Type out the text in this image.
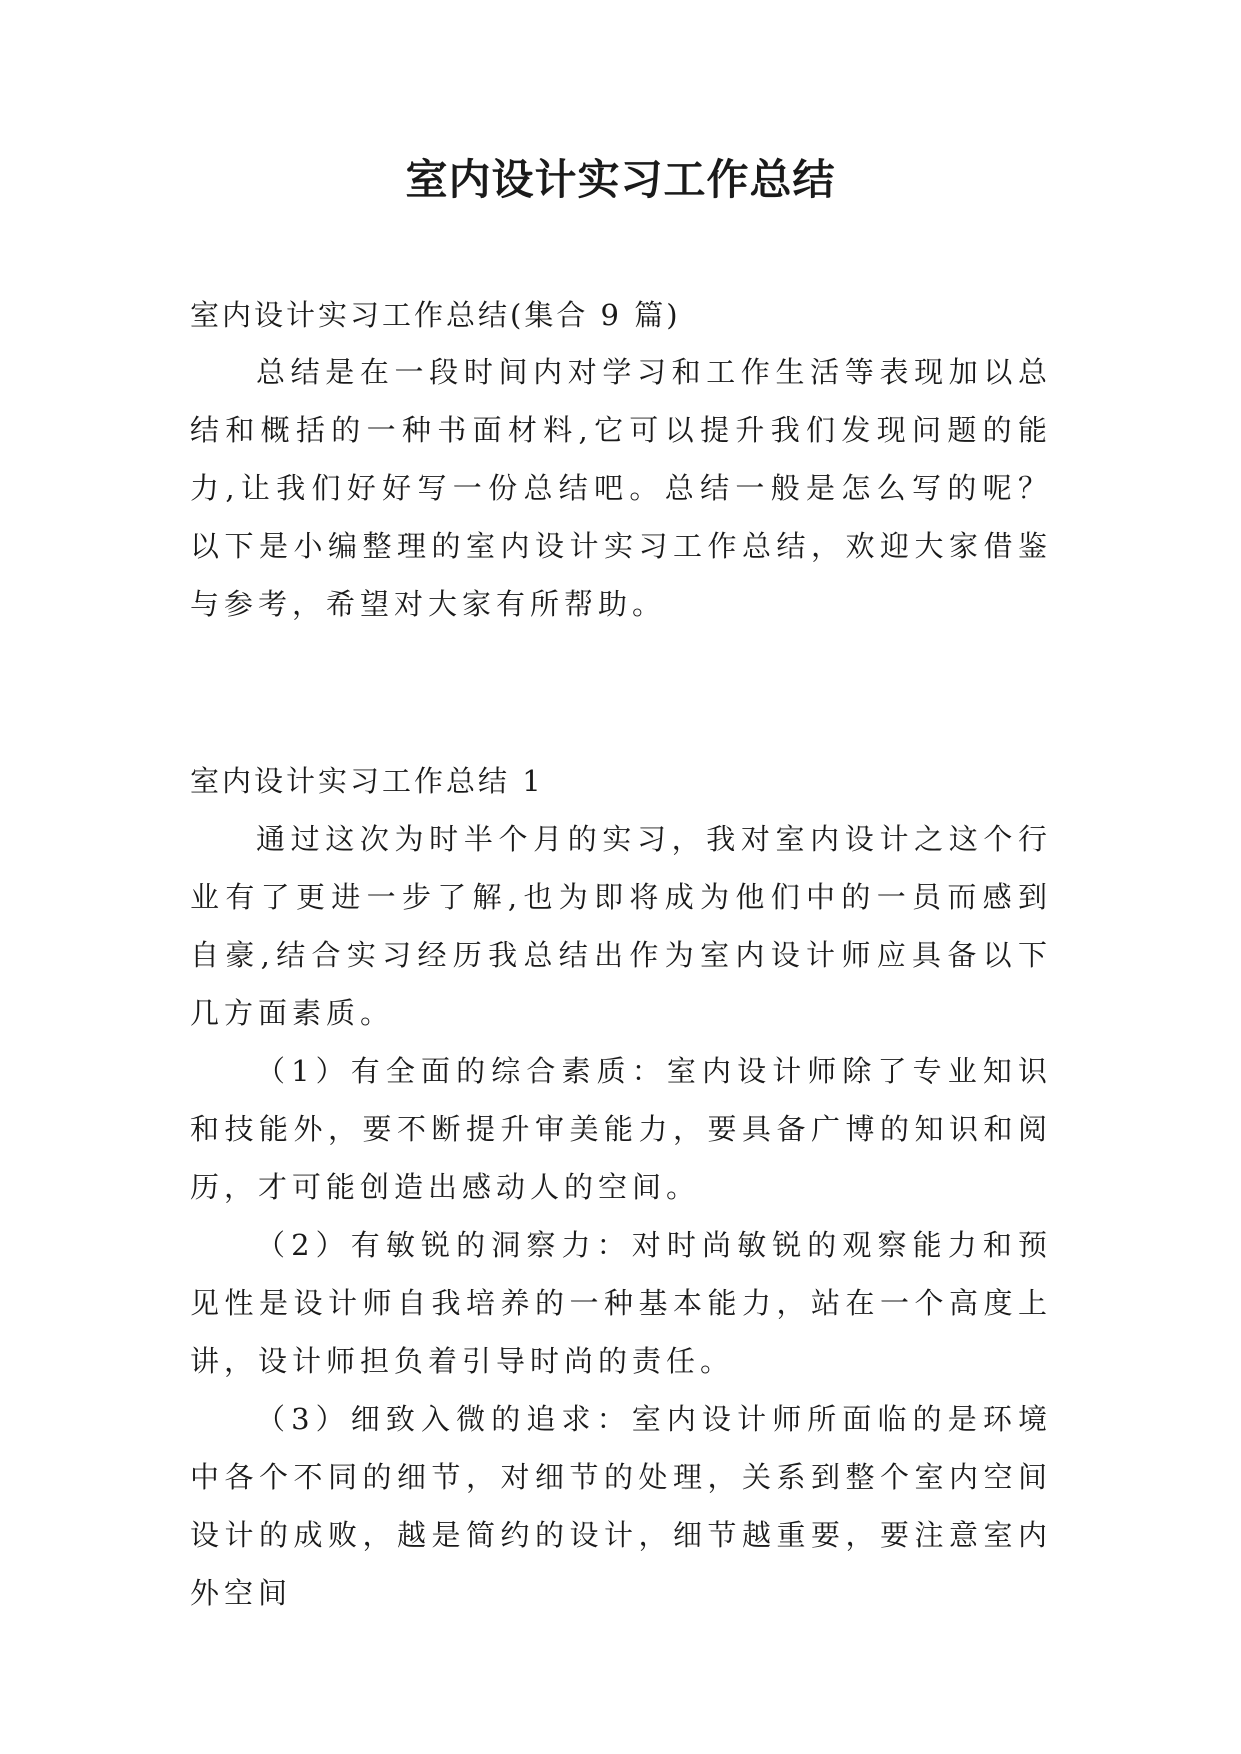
室内设计实习工作总结
室内设计实习工作总结(集合 9 篇)

总结是在一段时间内对学习和工作生活等表现加以总结和概括的一种书面材料,它可以提升我们发现问题的能力,让我们好好写一份总结吧。总结一般是怎么写的呢？以下是小编整理的室内设计实习工作总结，欢迎大家借鉴与参考，希望对大家有所帮助。

室内设计实习工作总结 1

通过这次为时半个月的实习，我对室内设计之这个行业有了更进一步了解,也为即将成为他们中的一员而感到自豪,结合实习经历我总结出作为室内设计师应具备以下几方面素质。

（1）有全面的综合素质：室内设计师除了专业知识和技能外，要不断提升审美能力，要具备广博的知识和阅历，才可能创造出感动人的空间。

（2）有敏锐的洞察力：对时尚敏锐的观察能力和预见性是设计师自我培养的一种基本能力，站在一个高度上讲，设计师担负着引导时尚的责任。

（3）细致入微的追求：室内设计师所面临的是环境中各个不同的细节，对细节的处理，关系到整个室内空间设计的成败，越是简约的设计，细节越重要，要注意室内外空间
